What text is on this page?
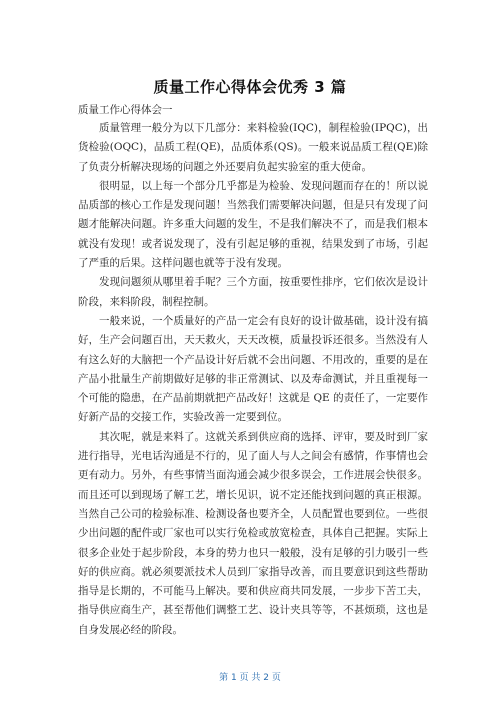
质量工作心得体会优秀 3 篇
质量工作心得体会一

质量管理一般分为以下几部分：来料检验(IQC)，制程检验(IPQC)，出货检验(OQC)，品质工程(QE)，品质体系(QS)。一般来说品质工程(QE)除了负责分析解决现场的问题之外还要肩负起实验室的重大使命。

很明显，以上每一个部分几乎都是为检验、发现问题而存在的！所以说品质部的核心工作是发现问题！当然我们需要解决问题，但是只有发现了问题才能解决问题。许多重大问题的发生，不是我们解决不了，而是我们根本就没有发现！或者说发现了，没有引起足够的重视，结果发到了市场，引起了严重的后果。这样问题也就等于没有发现。

发现问题须从哪里着手呢？三个方面，按重要性排序，它们依次是设计阶段，来料阶段，制程控制。

一般来说，一个质量好的产品一定会有良好的设计做基础，设计没有搞好，生产会问题百出，天天救火，天天改模，质量投诉还很多。当然没有人有这么好的大脑把一个产品设计好后就不会出问题、不用改的，重要的是在产品小批量生产前期做好足够的非正常测试、以及寿命测试，并且重视每一个可能的隐患，在产品前期就把产品改好！这就是 QE 的责任了，一定要作好新产品的交接工作，实验改善一定要到位。

其次呢，就是来料了。这就关系到供应商的选择、评审，要及时到厂家进行指导，光电话沟通是不行的，见了面人与人之间会有感情，作事情也会更有动力。另外，有些事情当面沟通会减少很多误会，工作进展会快很多。而且还可以到现场了解工艺，增长见识，说不定还能找到问题的真正根源。当然自己公司的检验标准、检测设备也要齐全，人员配置也要到位。一些很少出问题的配件或厂家也可以实行免检或放宽检查，具体自己把握。实际上很多企业处于起步阶段，本身的势力也只一般般，没有足够的引力吸引一些好的供应商。就必须要派技术人员到厂家指导改善，而且要意识到这些帮助指导是长期的，不可能马上解决。要和供应商共同发展，一步步下苦工夫，指导供应商生产，甚至帮他们调整工艺、设计夹具等等，不甚烦琐，这也是自身发展必经的阶段。

第 1 页 共 2 页
